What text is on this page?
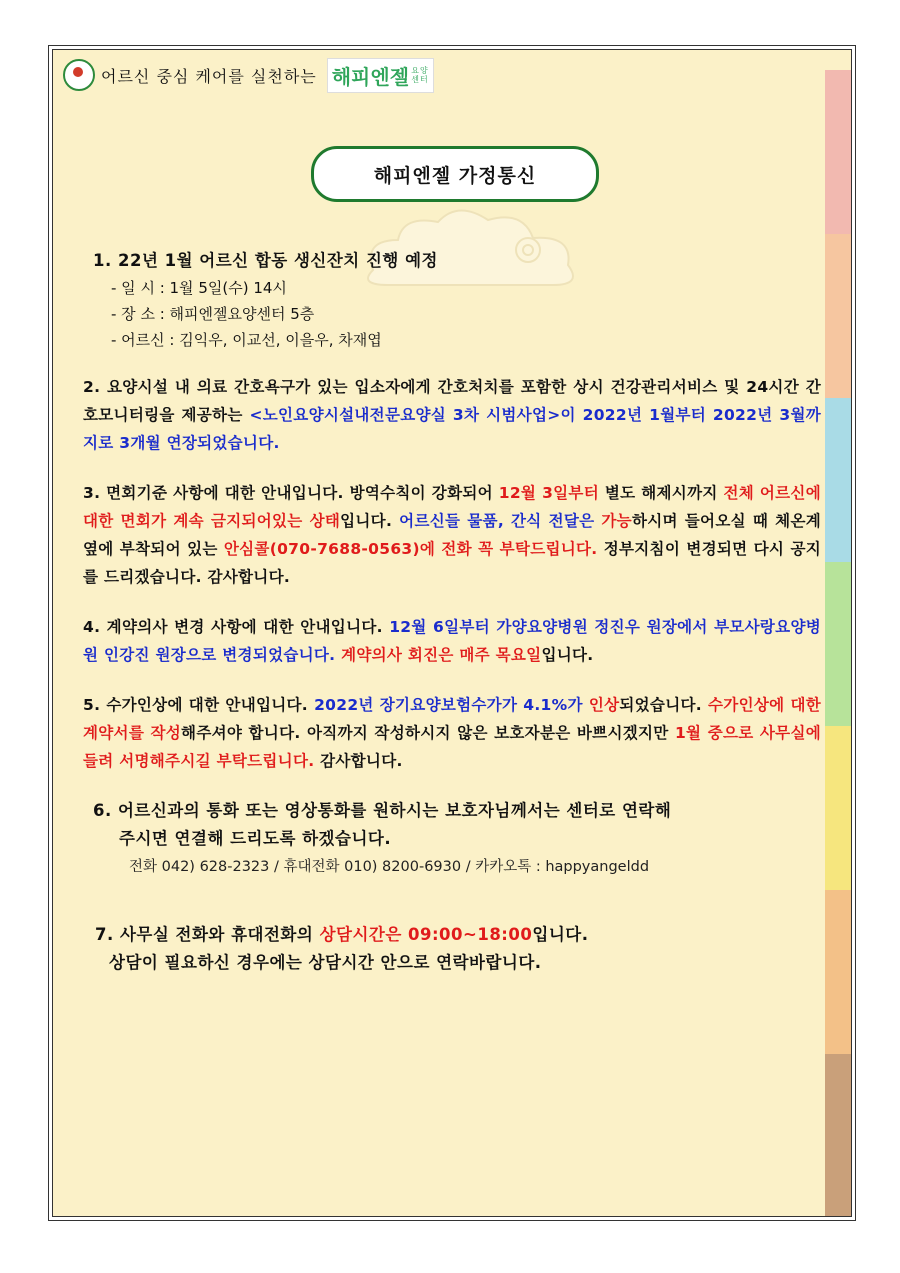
어르신 중심 케어를 실천하는 해피엔젤 요양센터
해피엔젤 가정통신
1. 22년 1월 어르신 합동 생신잔치 진행 예정
- 일 시 : 1월 5일(수) 14시
- 장 소 : 해피엔젤요양센터 5층
- 어르신 : 김익우, 이교선, 이을우, 차재엽
2. 요양시설 내 의료 간호욕구가 있는 입소자에게 간호처치를 포함한 상시 건강관리서비스 및 24시간 간호모니터링을 제공하는 <노인요양시설내전문요양실 3차 시범사업>이 2022년 1월부터 2022년 3월까지로 3개월 연장되었습니다.
3. 면회기준 사항에 대한 안내입니다. 방역수칙이 강화되어 12월 3일부터 별도 해제시까지 전체 어르신에 대한 면회가 계속 금지되어있는 상태입니다. 어르신들 물품, 간식 전달은 가능하시며 들어오실 때 체온계 옆에 부착되어 있는 안심콜(070-7688-0563)에 전화 꼭 부탁드립니다. 정부지침이 변경되면 다시 공지를 드리겠습니다. 감사합니다.
4. 계약의사 변경 사항에 대한 안내입니다. 12월 6일부터 가양요양병원 정진우 원장에서 부모사랑요양병원 인강진 원장으로 변경되었습니다. 계약의사 회진은 매주 목요일입니다.
5. 수가인상에 대한 안내입니다. 2022년 장기요양보험수가가 4.1%가 인상되었습니다. 수가인상에 대한 계약서를 작성해주셔야 합니다. 아직까지 작성하시지 않은 보호자분은 바쁘시겠지만 1월 중으로 사무실에 들려 서명해주시길 부탁드립니다. 감사합니다.
6. 어르신과의 통화 또는 영상통화를 원하시는 보호자님께서는 센터로 연락해
주시면 연결해 드리도록 하겠습니다.
전화 042) 628-2323 / 휴대전화 010) 8200-6930 / 카카오톡 : happyangeldd
7. 사무실 전화와 휴대전화의 상담시간은 09:00~18:00입니다.
상담이 필요하신 경우에는 상담시간 안으로 연락바랍니다.
